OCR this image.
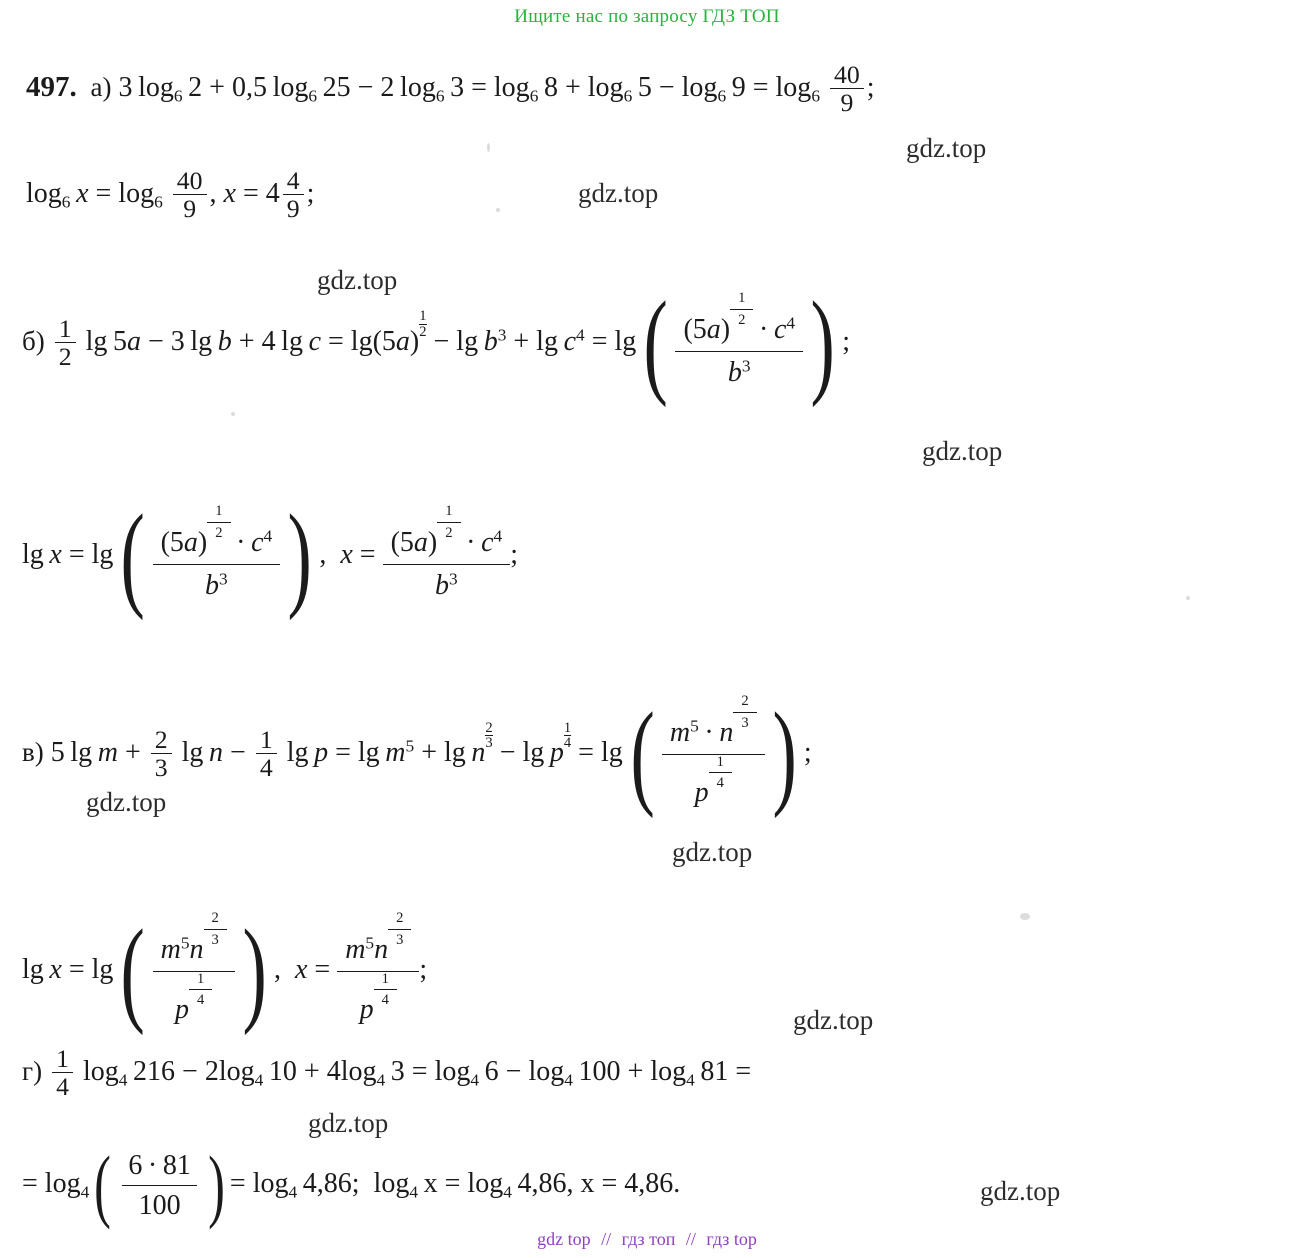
Ищите нас по запросу ГДЗ ТОП
497.  а) 3 $\log_6 2 + 0,5$ $\log_6 25 - 2$ $\log_6 3 = \log_6 8 + \log_6 5 - \log_6 9 = \log_6 \frac{40}{9}$ ;
$\log_6 x = \log_6 \frac{40}{9}$ , $x = 4 \frac{4}{9}$ ;
$б) \frac{1}{2}$ lg 5a − 3 lg b + 4 lg c = lg(5a)
$\frac{1}{2}$
− $\lg b^3 + \lg c^4 = \lg$ ( (5a)
$\frac{1}{2}$
 · $c^4$
$b^3$ ) ;
lg x = lg ( (5a)
$\frac{1}{2}$
 · $c^4$
$b^3$ ) ,  x = (5a)
$\frac{1}{2}$
 · $c^4$
$b^3$ ;
в) 5 $\lg m + \frac{2}{3}$ $\lg n - \frac{1}{4}$ $\lg p = \lg m^5 + \lg n$
$\frac{2}{3}$
− lg p
$\frac{1}{4}$
= lg ( $m^5 \cdot n$
$\frac{2}{3}$
p
$\frac{1}{4}$ ) ;
lg x = lg ( $m^5n$
$\frac{2}{3}$
p
$\frac{1}{4}$ ) ,  $x = m^5n$
$\frac{2}{3}$
p
$\frac{1}{4}$ ;
$г) \frac{1}{4} \log_4 216 - 2\log_4$ $10 + 4\log_4$ $3 = \log_4 6 - \log_4 100 + \log_4 81$ =
= $\log_4$ ( 6 · 81
100 ) = $\log_4 4,86$;  $\log_4 x = \log_4 4,86$, x = 4,86.
gdz.top
gdz.top
gdz.top
gdz.top
gdz.top
gdz.top
gdz.top
gdz.top
gdz.top
gdz top // гдз топ // гдз top
